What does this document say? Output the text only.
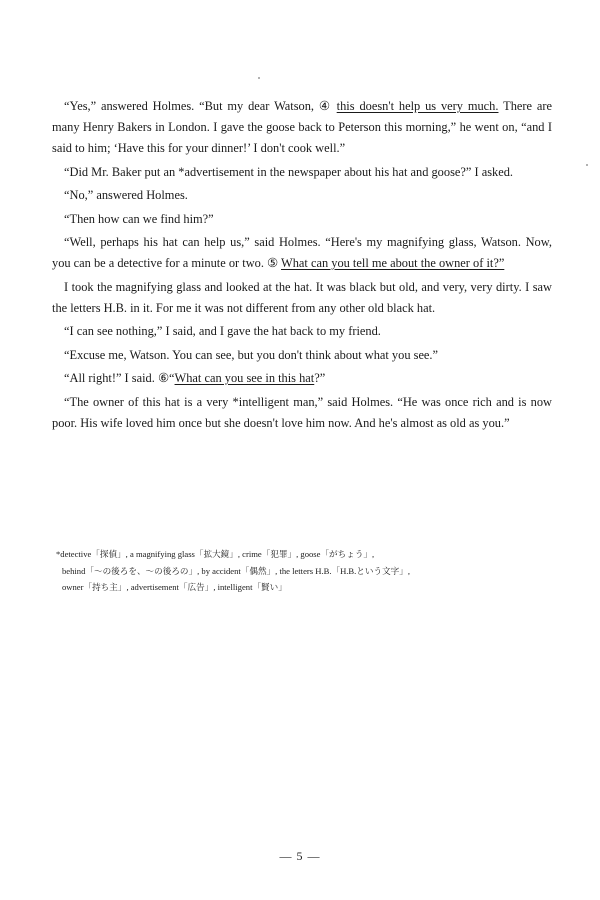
“Yes,” answered Holmes. “But my dear Watson, ④ this doesn't help us very much. There are many Henry Bakers in London. I gave the goose back to Peterson this morning,” he went on, “and I said to him; ‘Have this for your dinner!’ I don't cook well.”

“Did Mr. Baker put an *advertisement in the newspaper about his hat and goose?” I asked.

“No,” answered Holmes.

“Then how can we find him?”

“Well, perhaps his hat can help us,” said Holmes. “Here's my magnifying glass, Watson. Now, you can be a detective for a minute or two. ⑤ What can you tell me about the owner of it?”

I took the magnifying glass and looked at the hat. It was black but old, and very, very dirty. I saw the letters H.B. in it. For me it was not different from any other old black hat.

“I can see nothing,” I said, and I gave the hat back to my friend.

“Excuse me, Watson. You can see, but you don't think about what you see.”

“All right!” I said. ⑥“What can you see in this hat?”

“The owner of this hat is a very *intelligent man,” said Holmes. “He was once rich and is now poor. His wife loved him once but she doesn't love him now. And he's almost as old as you.”

*detective「探偵」, a magnifying glass「拡大鏡」, crime「犯罪」, goose「がちょう」,
behind「～の後ろを、～の後ろの」, by accident「偶然」, the letters H.B.「H.B.という文字」,
owner「持ち主」, advertisement「広告」, intelligent「賢い」
— 5 —
